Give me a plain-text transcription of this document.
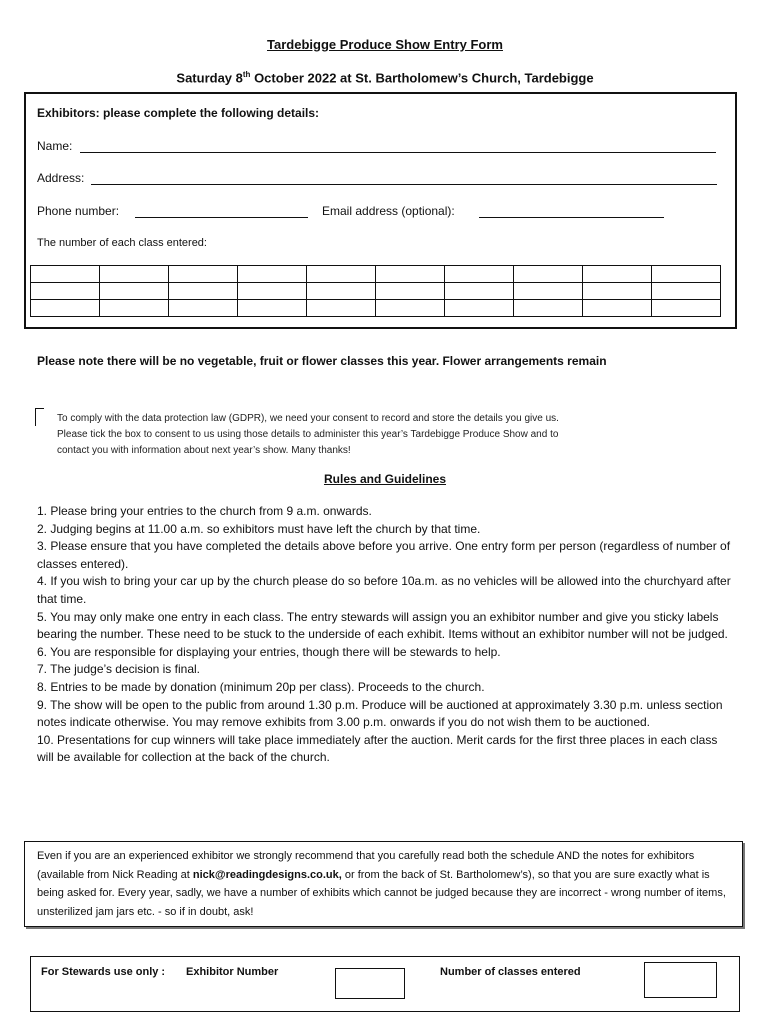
Tardebigge Produce Show Entry Form
Saturday 8th October 2022 at St. Bartholomew’s Church, Tardebigge
Exhibitors: please complete the following details:
Name:
Address:
Phone number:	Email address (optional):
The number of each class entered:

Please note there will be no vegetable, fruit or flower classes this year. Flower arrangements remain
To comply with the data protection law (GDPR), we need your consent to record and store the details you give us.
Please tick the box to consent to us using those details to administer this year’s Tardebigge Produce Show and to
contact you with information about next year’s show. Many thanks!
Rules and Guidelines

1. Please bring your entries to the church from 9 a.m. onwards.

2. Judging begins at 11.00 a.m. so exhibitors must have left the church by that time.

3. Please ensure that you have completed the details above before you arrive. One entry form per person (regardless of number of classes entered).

4. If you wish to bring your car up by the church please do so before 10a.m. as no vehicles will be allowed into the churchyard after that time.

5. You may only make one entry in each class. The entry stewards will assign you an exhibitor number and give you sticky labels bearing the number. These need to be stuck to the underside of each exhibit. Items without an exhibitor number will not be judged.

6. You are responsible for displaying your entries, though there will be stewards to help.

7. The judge’s decision is final.

8. Entries to be made by donation (minimum 20p per class). Proceeds to the church.

9. The show will be open to the public from around 1.30 p.m. Produce will be auctioned at approximately 3.30 p.m. unless section notes indicate otherwise. You may remove exhibits from 3.00 p.m. onwards if you do not wish them to be auctioned.

10. Presentations for cup winners will take place immediately after the auction. Merit cards for the first three places in each class will be available for collection at the back of the church.

Even if you are an experienced exhibitor we strongly recommend that you carefully read both the schedule AND the notes for exhibitors (available from Nick Reading at nick@readingdesigns.co.uk, or from the back of St. Bartholomew’s), so that you are sure exactly what is being asked for. Every year, sadly, we have a number of exhibits which cannot be judged because they are incorrect - wrong number of items, unsterilized jam jars etc. - so if in doubt, ask!
For Stewards use only : Exhibitor Number	Number of classes entered
